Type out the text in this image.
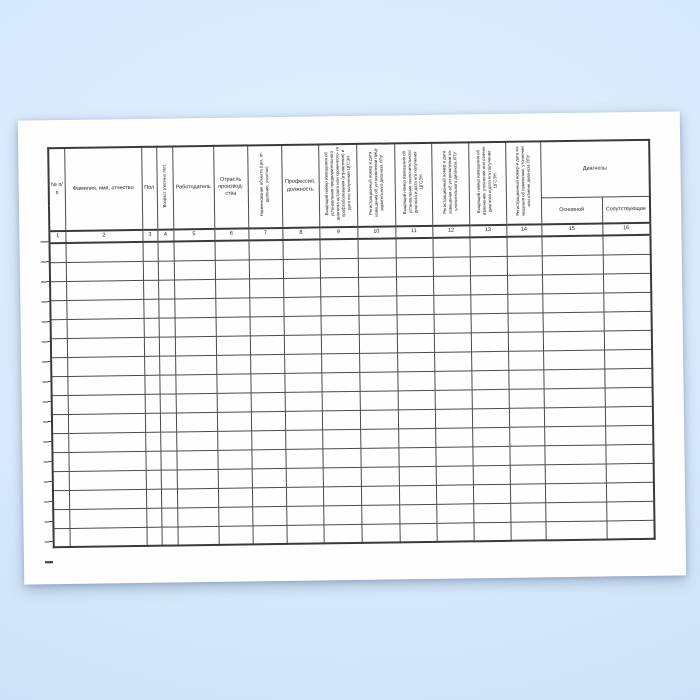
№ п/п	Фамилия, имя, отчество	Пол	Возраст (полных лет)	Работодатель	Отрасль производ- ства	Наименование объекта (цех, от- деление, участок)	Профессия, должность	Входящий номер извещения об установлении предварительного диагноза острого или хроническо- го профзаболевания (отравления) и дата его получения ЦГСЭН	Регистрационный номер и дата извещения об установлении пред- варительного диагноза ЛПУ	Входящий номер извещения об установлении заключительного диагноза и дата его получения ЦГСЭН	Регистрационный номер и дата извещения об установлении за- ключительного диагноза ЛПУ	Входящий номер извещения об изменении, уточнении или отмене диагноза и дата его получения ЦГСЭН	Регистрационный номер и дата из- вещения об изменении, уточнении или отмене диагноза ЛПУ	Диагнозы	

														Основной	Сопутствующие

1	2	3	4	5	6	7	8	9	10	11	12	13	14	15	16
